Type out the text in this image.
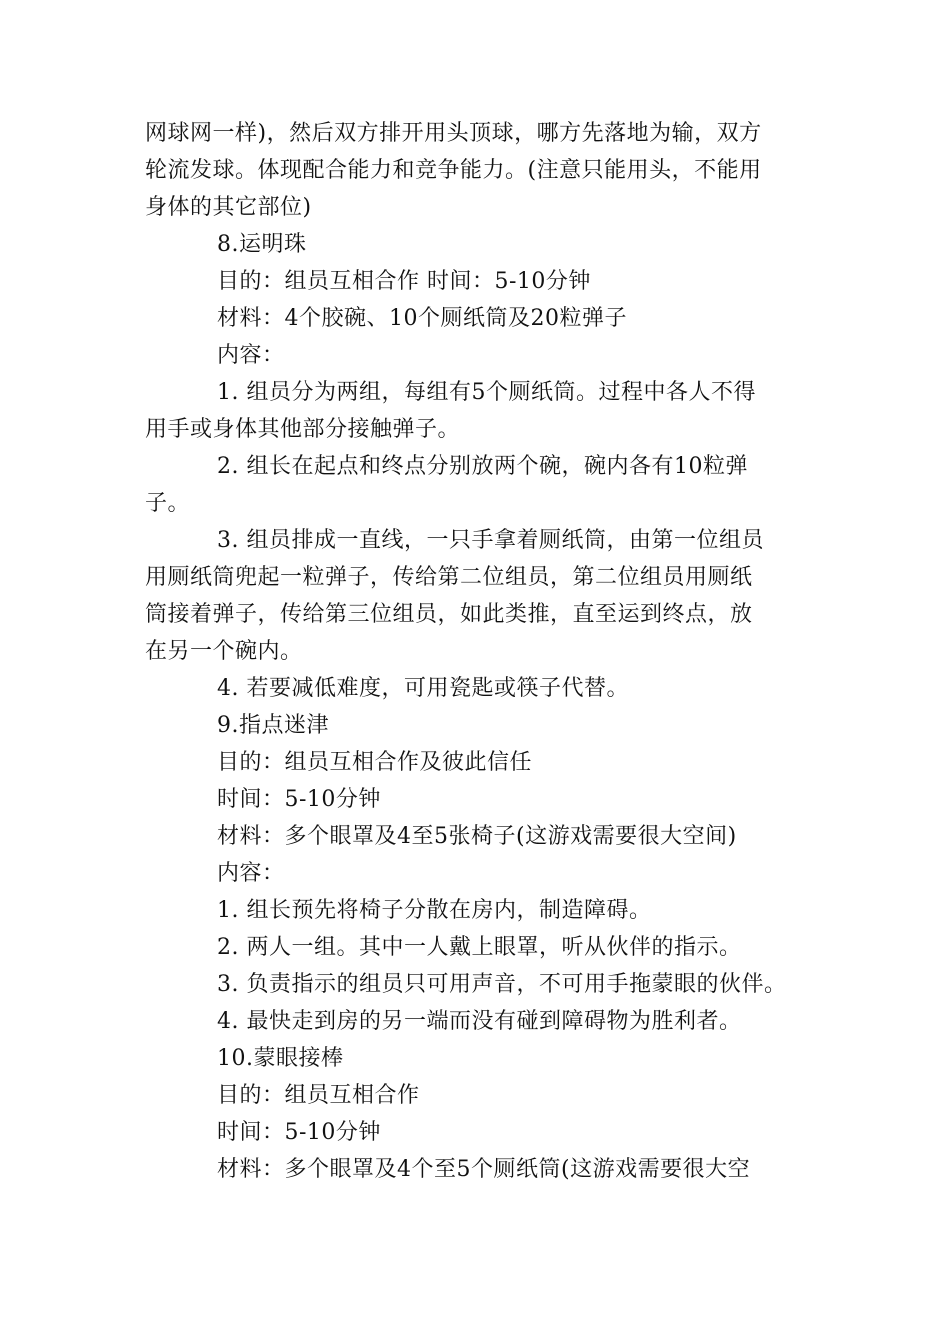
网球网一样)，然后双方排开用头顶球，哪方先落地为输，双方
轮流发球。体现配合能力和竞争能力。(注意只能用头，不能用
身体的其它部位)
8.运明珠
目的：组员互相合作 时间：5-10分钟
材料：4个胶碗、10个厕纸筒及20粒弹子
内容：
1. 组员分为两组，每组有5个厕纸筒。过程中各人不得
用手或身体其他部分接触弹子。
2. 组长在起点和终点分别放两个碗，碗内各有10粒弹
子。
3. 组员排成一直线，一只手拿着厕纸筒，由第一位组员
用厕纸筒兜起一粒弹子，传给第二位组员，第二位组员用厕纸
筒接着弹子，传给第三位组员，如此类推，直至运到终点，放
在另一个碗内。
4. 若要减低难度，可用瓷匙或筷子代替。
9.指点迷津
目的：组员互相合作及彼此信任
时间：5-10分钟
材料：多个眼罩及4至5张椅子(这游戏需要很大空间)
内容：
1. 组长预先将椅子分散在房内，制造障碍。
2. 两人一组。其中一人戴上眼罩，听从伙伴的指示。
3. 负责指示的组员只可用声音，不可用手拖蒙眼的伙伴。
4. 最快走到房的另一端而没有碰到障碍物为胜利者。
10.蒙眼接棒
目的：组员互相合作
时间：5-10分钟
材料：多个眼罩及4个至5个厕纸筒(这游戏需要很大空
